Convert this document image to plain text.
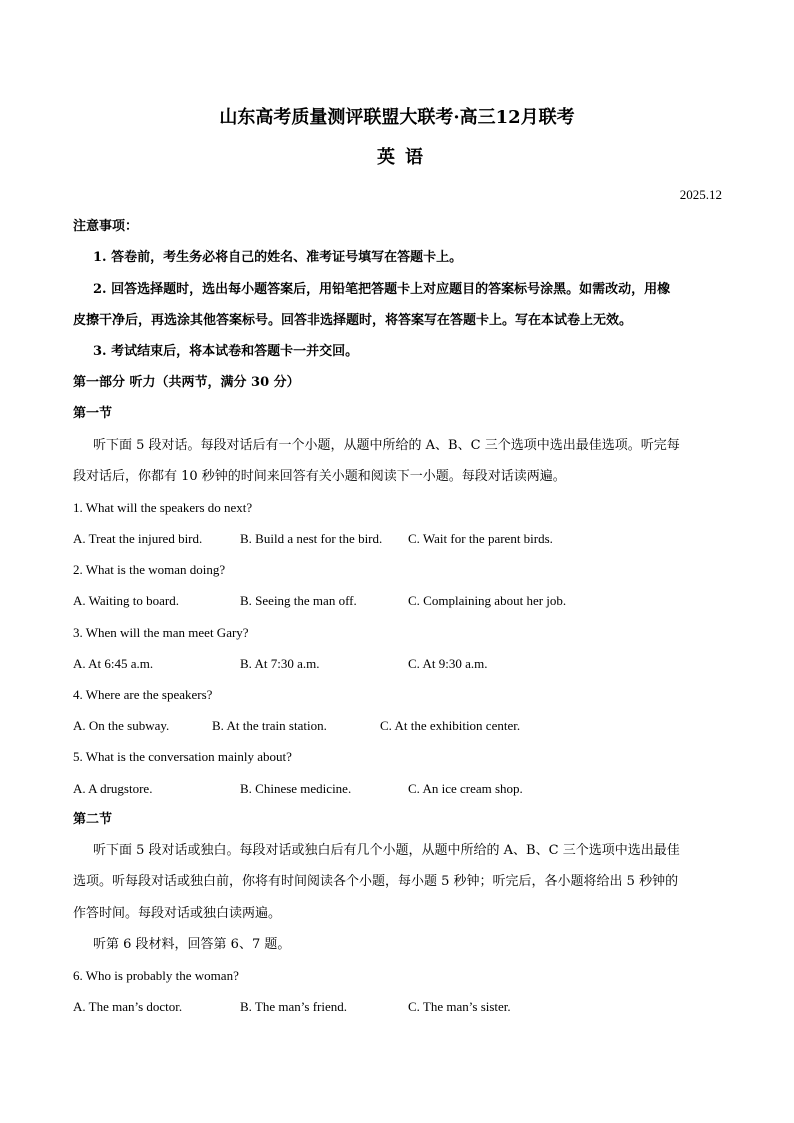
山东高考质量测评联盟大联考·高三12月联考
英语
2025.12
注意事项：
1. 答卷前，考生务必将自己的姓名、准考证号填写在答题卡上。
2. 回答选择题时，选出每小题答案后，用铅笔把答题卡上对应题目的答案标号涂黑。如需改动，用橡
皮擦干净后，再选涂其他答案标号。回答非选择题时，将答案写在答题卡上。写在本试卷上无效。
3. 考试结束后，将本试卷和答题卡一并交回。
第一部分 听力（共两节，满分 30 分）
第一节
听下面 5 段对话。每段对话后有一个小题，从题中所给的 A、B、C 三个选项中选出最佳选项。听完每
段对话后，你都有 10 秒钟的时间来回答有关小题和阅读下一小题。每段对话读两遍。
1. What will the speakers do next?
A. Treat the injured bird.	B. Build a nest for the bird. C. Wait for the parent birds.
2. What is the woman doing?
A. Waiting to board.	B. Seeing the man off.	C. Complaining about her job.
3. When will the man meet Gary?
A. At 6:45 a.m.	B. At 7:30 a.m.	C. At 9:30 a.m.
4. Where are the speakers?
A. On the subway.	B. At the train station.	C. At the exhibition center.
5. What is the conversation mainly about?
A. A drugstore.	B. Chinese medicine.	C. An ice cream shop.
第二节
听下面 5 段对话或独白。每段对话或独白后有几个小题，从题中所给的 A、B、C 三个选项中选出最佳
选项。听每段对话或独白前，你将有时间阅读各个小题，每小题 5 秒钟；听完后，各小题将给出 5 秒钟的
作答时间。每段对话或独白读两遍。
听第 6 段材料，回答第 6、7 题。
6. Who is probably the woman?
A. The man’s doctor.	B. The man’s friend.	C. The man’s sister.
